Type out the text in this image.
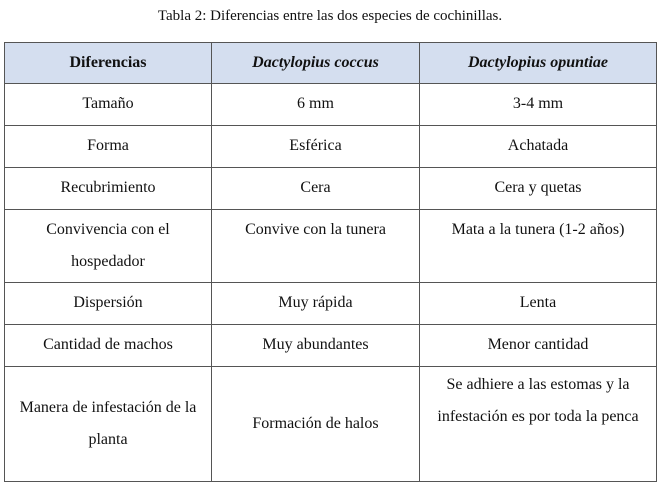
Tabla 2: Diferencias entre las dos especies de cochinillas.
Diferencias	Dactylopius coccus	Dactylopius opuntiae
Tamaño	6 mm	3-4 mm
Forma	Esférica	Achatada
Recubrimiento	Cera	Cera y quetas
Convivencia con el hospedador	Convive con la tunera	Mata a la tunera (1-2 años)
Dispersión	Muy rápida	Lenta
Cantidad de machos	Muy abundantes	Menor cantidad
Manera de infestación de la planta	Formación de halos	Se adhiere a las estomas y la infestación es por toda la penca
